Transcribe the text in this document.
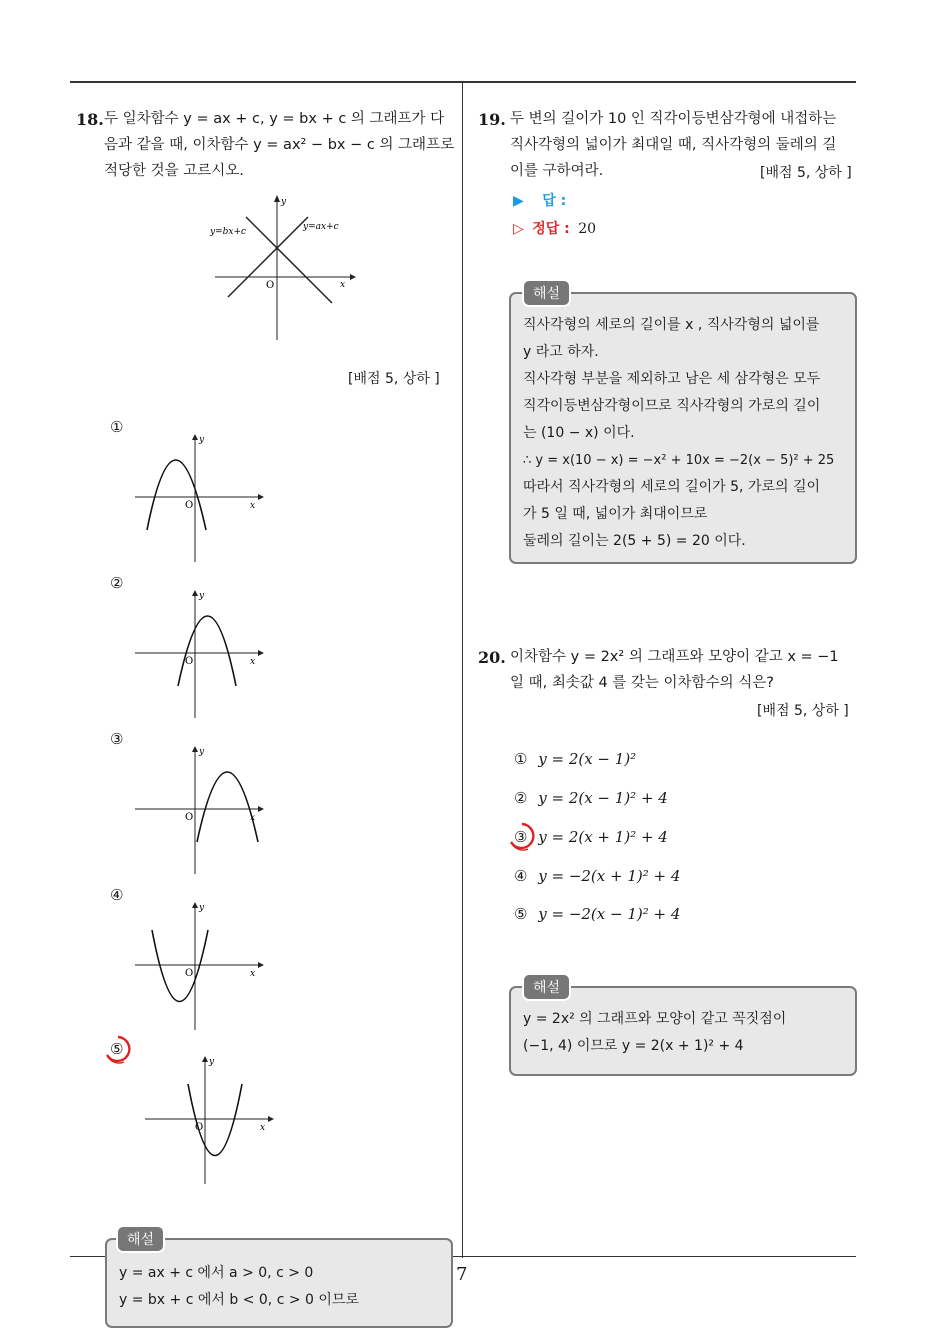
18. 두 일차함수 y = ax + c, y = bx + c 의 그래프가 다
음과 같을 때, 이차함수 y = ax² − bx − c 의 그래프로
적당한 것을 고르시오.
y=bx+c	y=ax+c
O	x
y
[배점 5, 상하 ]
①
O	x
y
②
O	x
y
③
O	x
y
④
O	x
y
⑤
O	x
y
y = ax + c 에서 a > 0, c > 0
y = bx + c 에서 b < 0, c > 0 이므로
해설
19. 두 변의 길이가 10 인 직각이등변삼각형에 내접하는
직사각형의 넓이가 최대일 때, 직사각형의 둘레의 길
이를 구하여라.	[배점 5, 상하 ]
▶ 답 :
▷ 정답 : 20
직사각형의 세로의 길이를 x , 직사각형의 넓이를
y 라고 하자.
직사각형 부분을 제외하고 남은 세 삼각형은 모두
직각이등변삼각형이므로 직사각형의 가로의 길이
는 (10 − x) 이다.
∴ y = x(10 − x) = −x² + 10x = −2(x − 5)² + 25
따라서 직사각형의 세로의 길이가 5, 가로의 길이
가 5 일 때, 넓이가 최대이므로
둘레의 길이는 2(5 + 5) = 20 이다.
해설
20. 이차함수 y = 2x² 의 그래프와 모양이 같고 x = −1
일 때, 최솟값 4 를 갖는 이차함수의 식은?
[배점 5, 상하 ]
① y = 2(x − 1)²
② y = 2(x − 1)² + 4
③ y = 2(x + 1)² + 4
④ y = −2(x + 1)² + 4
⑤ y = −2(x − 1)² + 4
y = 2x² 의 그래프와 모양이 같고 꼭짓점이
(−1, 4) 이므로 y = 2(x + 1)² + 4
해설
7
